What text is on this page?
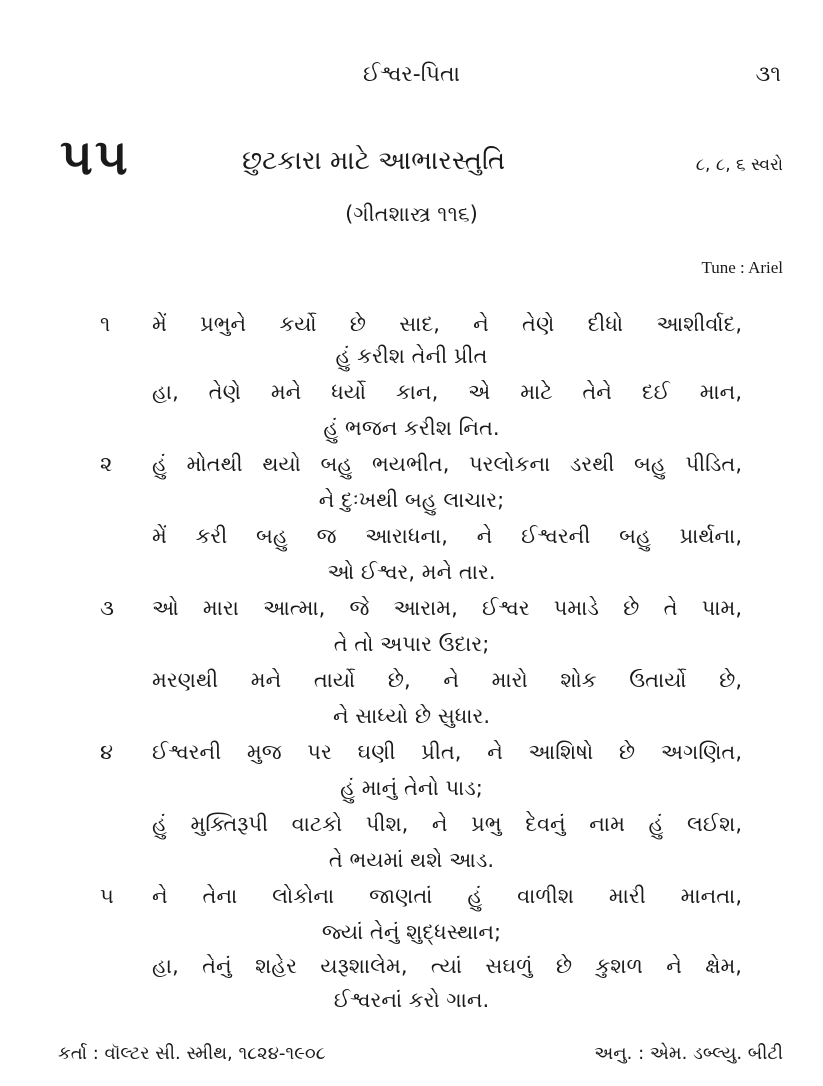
ઈશ્વર-પિતા	૩૧
૫૫	છુટકારા માટે આભારસ્તુતિ	૮, ૮, ૬ સ્વરો
(ગીતશાસ્ત્ર ૧૧૬)
Tune : Ariel
૧ મેં પ્રભુને કર્યો છે સાદ, ને તેણે દીધો આશીર્વાદ,
હું કરીશ તેની પ્રીત
હા, તેણે મને ધર્યો કાન, એ માટે તેને દઈ માન,
હું ભજન કરીશ નિત.
૨ હું મોતથી થયો બહુ ભયભીત, પરલોકના ડરથી બહુ પીડિત,
ને દુઃખથી બહુ લાચાર;
મેં કરી બહુ જ આરાધના, ને ઈશ્વરની બહુ પ્રાર્થના,
ઓ ઈશ્વર, મને તાર.
૩ ઓ મારા આત્મા, જે આરામ, ઈશ્વર પમાડે છે તે પામ,
તે તો અપાર ઉદાર;
મરણથી મને તાર્યો છે, ને મારો શોક ઉતાર્યો છે,
ને સાધ્યો છે સુધાર.
૪ ઈશ્વરની મુજ પર ઘણી પ્રીત, ને આશિષો છે અગણિત,
હું માનું તેનો પાડ;
હું મુક્તિરૂપી વાટકો પીશ, ને પ્રભુ દેવનું નામ હું લઈશ,
તે ભયમાં થશે આડ.
૫ ને તેના લોકોના જાણતાં હું વાળીશ મારી માનતા,
જ્યાં તેનું શુદ્ધસ્થાન;
હા, તેનું શહેર યરૂશાલેમ, ત્યાં સઘળું છે કુશળ ને ક્ષેમ,
ઈશ્વરનાં કરો ગાન.
કર્તા : વૉલ્ટર સી. સ્મીથ, ૧૮૨૪-૧૯૦૮	અનુ. : એમ. ડબ્લ્યુ. બીટી
